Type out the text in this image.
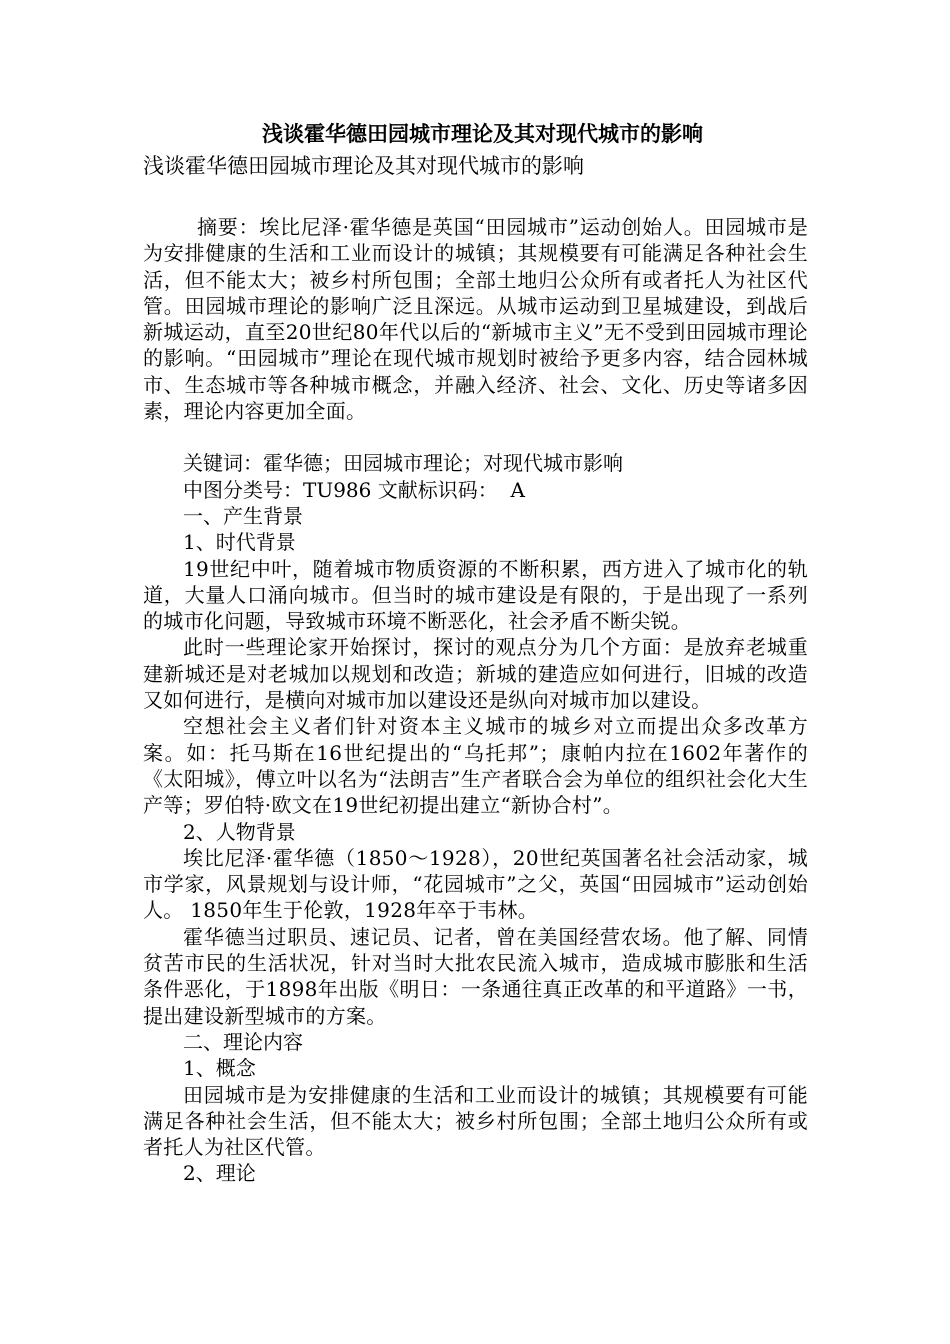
浅谈霍华德田园城市理论及其对现代城市的影响

浅谈霍华德田园城市理论及其对现代城市的影响

摘要：埃比尼泽·霍华德是英国“田园城市”运动创始人。田园城市是为安排健康的生活和工业而设计的城镇；其规模要有可能满足各种社会生活，但不能太大；被乡村所包围；全部土地归公众所有或者托人为社区代管。田园城市理论的影响广泛且深远。从城市运动到卫星城建设，到战后新城运动，直至20世纪80年代以后的“新城市主义”无不受到田园城市理论的影响。“田园城市”理论在现代城市规划时被给予更多内容，结合园林城市、生态城市等各种城市概念，并融入经济、社会、文化、历史等诸多因素，理论内容更加全面。

关键词：霍华德；田园城市理论；对现代城市影响

中图分类号：TU986 文献标识码：  A

一、产生背景

1、时代背景

19世纪中叶，随着城市物质资源的不断积累，西方进入了城市化的轨道，大量人口涌向城市。但当时的城市建设是有限的，于是出现了一系列的城市化问题，导致城市环境不断恶化，社会矛盾不断尖锐。

此时一些理论家开始探讨，探讨的观点分为几个方面：是放弃老城重建新城还是对老城加以规划和改造；新城的建造应如何进行，旧城的改造又如何进行，是横向对城市加以建设还是纵向对城市加以建设。

空想社会主义者们针对资本主义城市的城乡对立而提出众多改革方案。如：托马斯在16世纪提出的“乌托邦”；康帕内拉在1602年著作的《太阳城》，傅立叶以名为“法朗吉”生产者联合会为单位的组织社会化大生产等；罗伯特·欧文在19世纪初提出建立“新协合村”。

2、人物背景

埃比尼泽·霍华德（1850～1928），20世纪英国著名社会活动家，城市学家，风景规划与设计师，“花园城市”之父，英国“田园城市”运动创始人。 1850年生于伦敦，1928年卒于韦林。

霍华德当过职员、速记员、记者，曾在美国经营农场。他了解、同情贫苦市民的生活状况，针对当时大批农民流入城市，造成城市膨胀和生活条件恶化，于1898年出版《明日：一条通往真正改革的和平道路》一书，提出建设新型城市的方案。

二、理论内容

1、概念

田园城市是为安排健康的生活和工业而设计的城镇；其规模要有可能满足各种社会生活，但不能太大；被乡村所包围；全部土地归公众所有或者托人为社区代管。

2、理论
